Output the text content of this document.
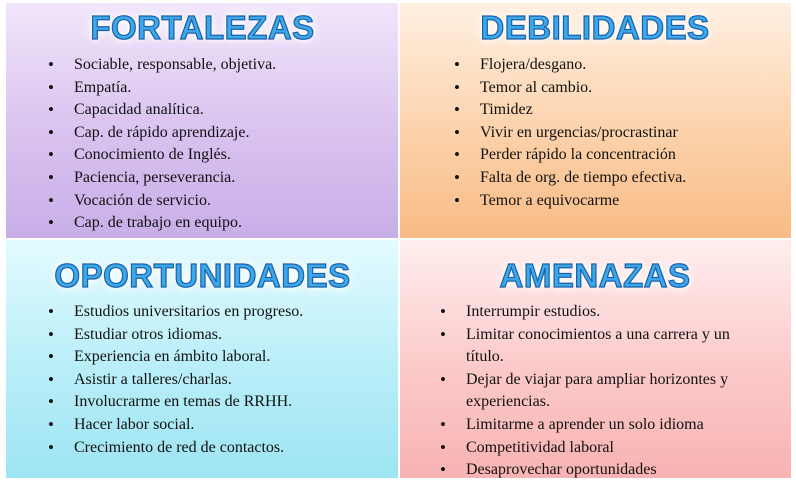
FORTALEZAS
• Sociable, responsable, objetiva.
• Empatía.
• Capacidad analítica.
• Cap. de rápido aprendizaje.
• Conocimiento de Inglés.
• Paciencia, perseverancia.
• Vocación de servicio.
• Cap. de trabajo en equipo.
DEBILIDADES
• Flojera/desgano.
• Temor al cambio.
• Timidez
• Vivir en urgencias/procrastinar
• Perder rápido la concentración
• Falta de org. de tiempo efectiva.
• Temor a equivocarme
OPORTUNIDADES
• Estudios universitarios en progreso.
• Estudiar otros idiomas.
• Experiencia en ámbito laboral.
• Asistir a talleres/charlas.
• Involucrarme en temas de RRHH.
• Hacer labor social.
• Crecimiento de red de contactos.
AMENAZAS
• Interrumpir estudios.
• Limitar conocimientos a una carrera y un título.
• Dejar de viajar para ampliar horizontes y experiencias.
• Limitarme a aprender un solo idioma
• Competitividad laboral
• Desaprovechar oportunidades
